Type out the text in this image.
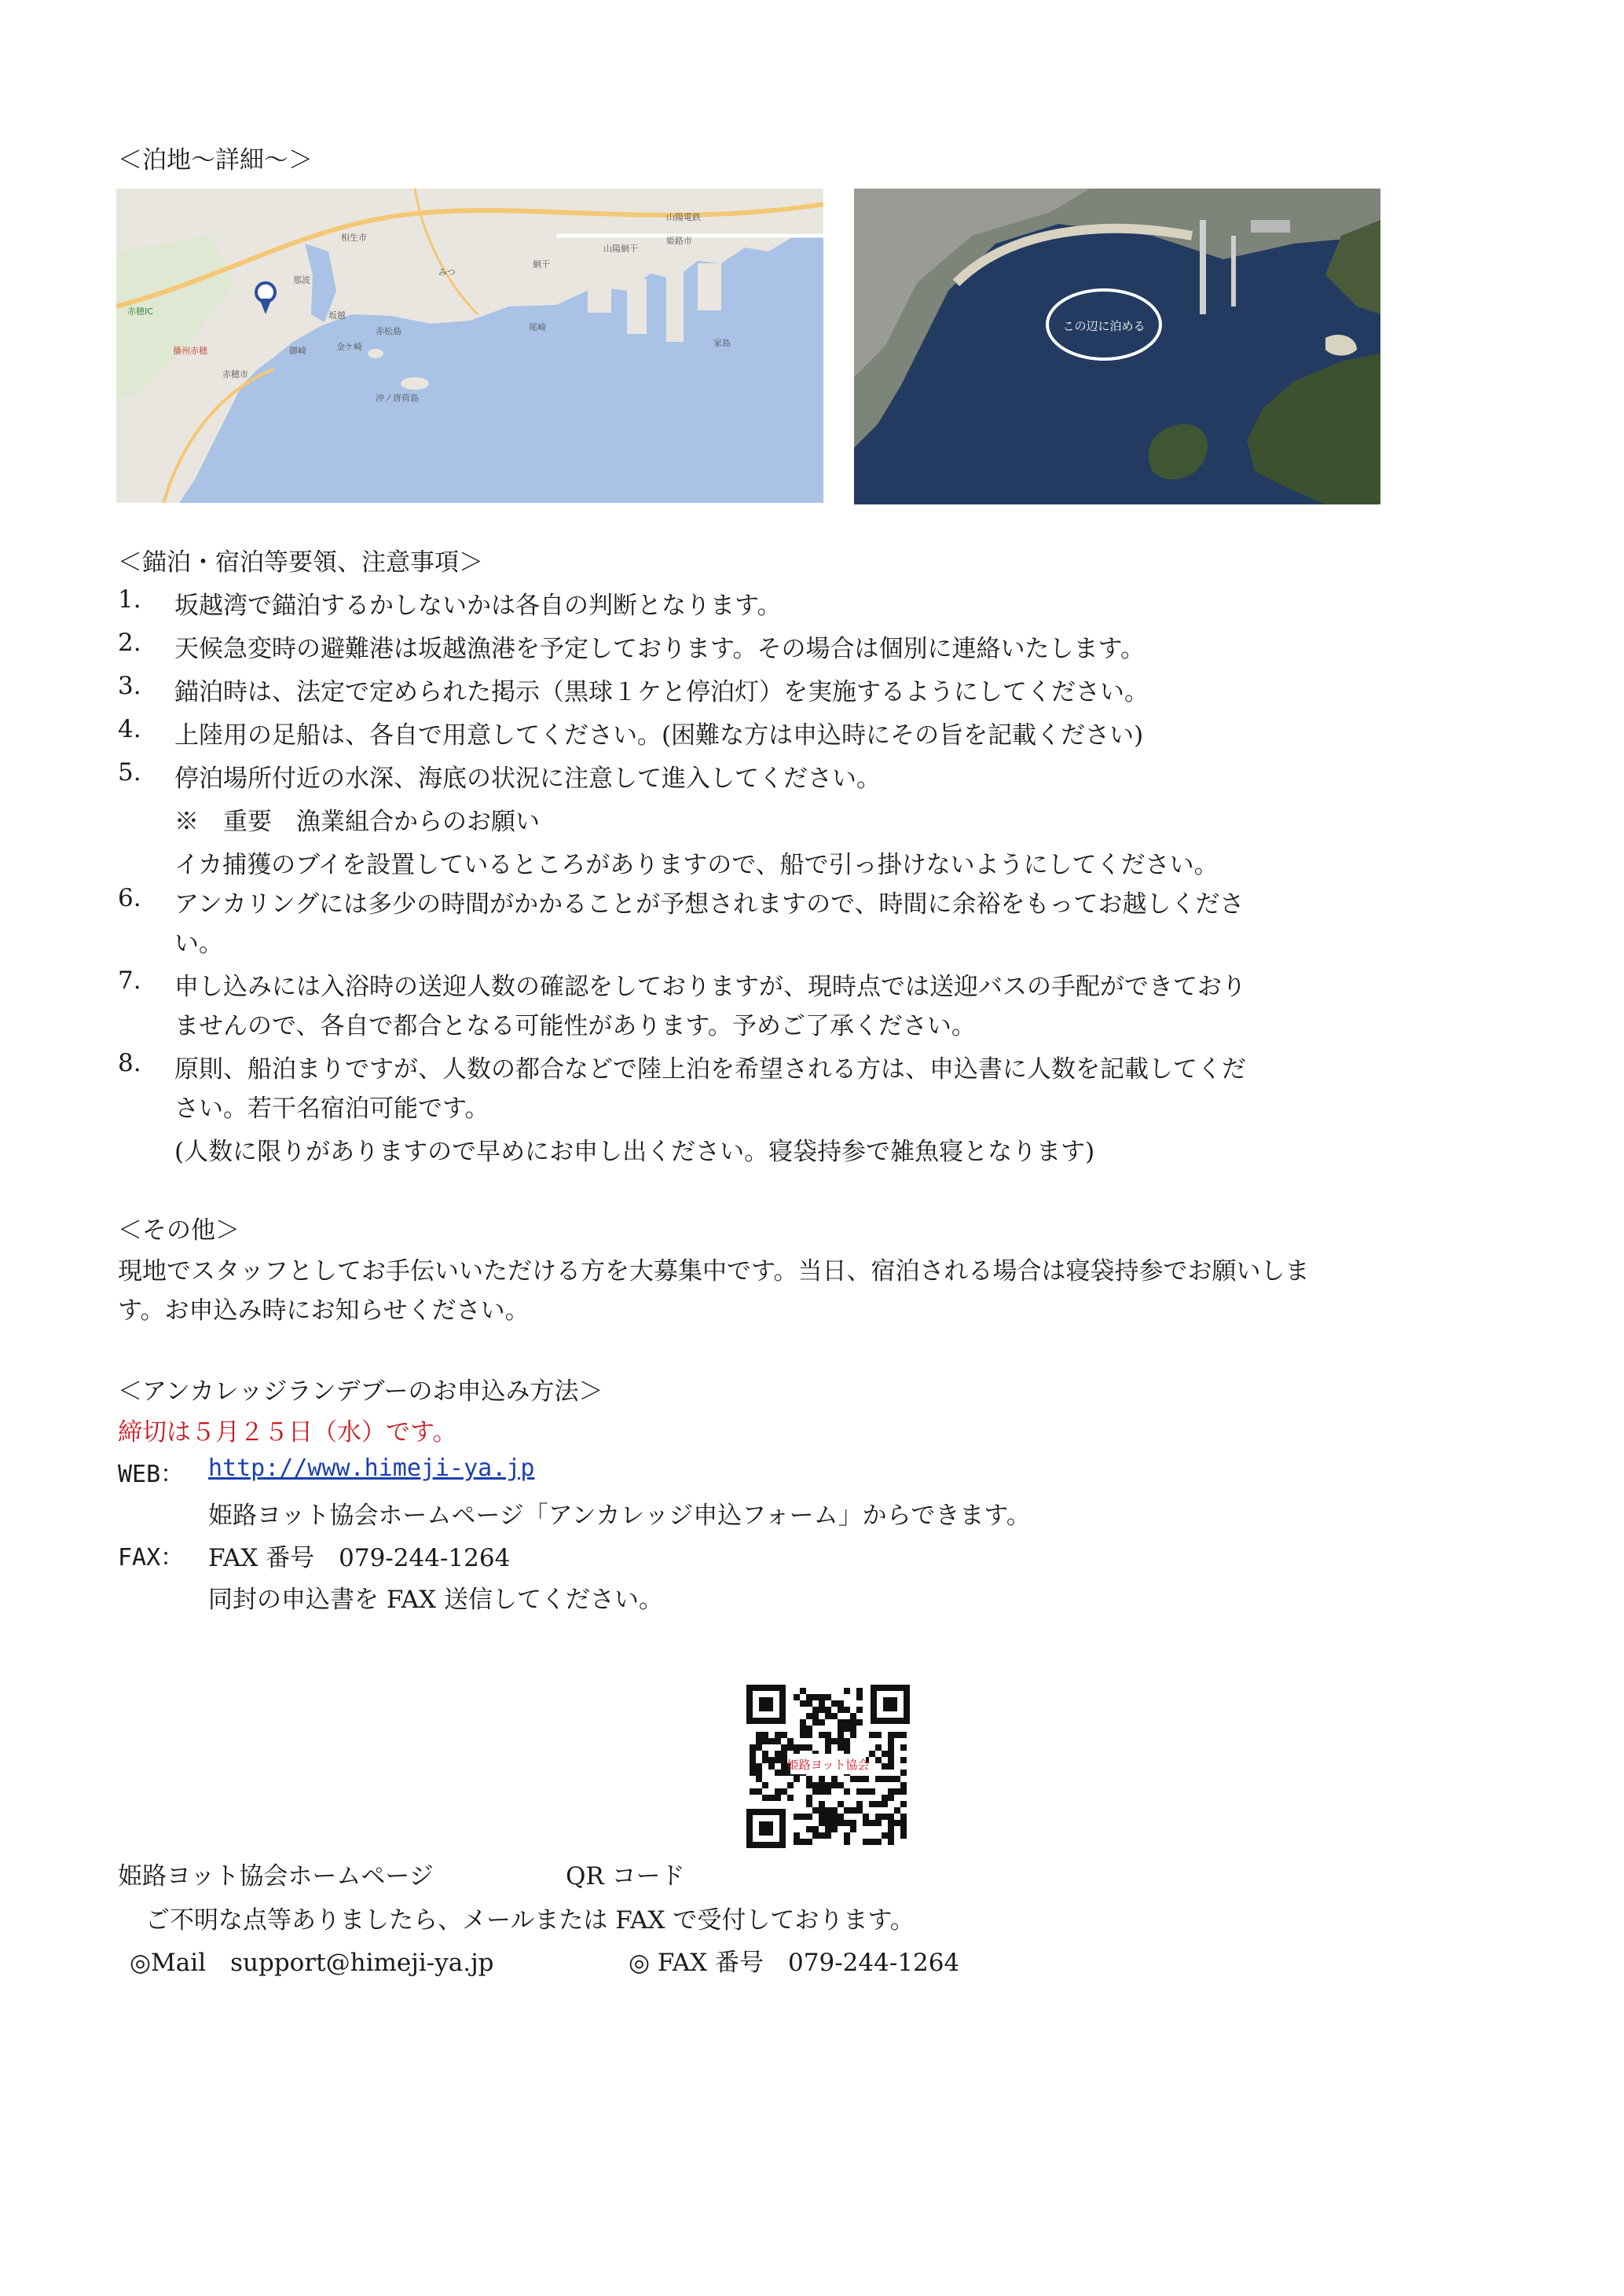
＜泊地〜詳細〜＞
相生市
赤穂市
播州赤穂
山陽網干
赤穂IC
那波
坂越
御崎
みつ
網干
姫路市
赤松島
沖ノ唐荷島
金ケ崎
尾崎
家島
山陽電鉄
この辺に泊める
＜錨泊・宿泊等要領、注意事項＞
1.	坂越湾で錨泊するかしないかは各自の判断となります。
2.	天候急変時の避難港は坂越漁港を予定しております。その場合は個別に連絡いたします。
3.	錨泊時は、法定で定められた掲示（黒球１ケと停泊灯）を実施するようにしてください。
4.	上陸用の足船は、各自で用意してください。(困難な方は申込時にその旨を記載ください)
5.	停泊場所付近の水深、海底の状況に注意して進入してください。
※　重要　漁業組合からのお願い
イカ捕獲のブイを設置しているところがありますので、船で引っ掛けないようにしてください。
6.	アンカリングには多少の時間がかかることが予想されますので、時間に余裕をもってお越しくださ
い。
7.	申し込みには入浴時の送迎人数の確認をしておりますが、現時点では送迎バスの手配ができており
ませんので、各自で都合となる可能性があります。予めご了承ください。
8.	原則、船泊まりですが、人数の都合などで陸上泊を希望される方は、申込書に人数を記載してくだ
さい。若干名宿泊可能です。
(人数に限りがありますので早めにお申し出ください。寝袋持参で雑魚寝となります)
＜その他＞
現地でスタッフとしてお手伝いいただける方を大募集中です。当日、宿泊される場合は寝袋持参でお願いしま
す。お申込み時にお知らせください。
＜アンカレッジランデブーのお申込み方法＞
締切は５月２５日（水）です。
WEB： http://www.himeji-ya.jp
姫路ヨット協会ホームページ「アンカレッジ申込フォーム」からできます。
FAX： FAX 番号　079-244-1264
同封の申込書を FAX 送信してください。
姫路ヨット協会
姫路ヨット協会ホームページ	QR コード
ご不明な点等ありましたら、メールまたは FAX で受付しております。
◎Mail　support@himeji-ya.jp	◎ FAX 番号　079-244-1264
